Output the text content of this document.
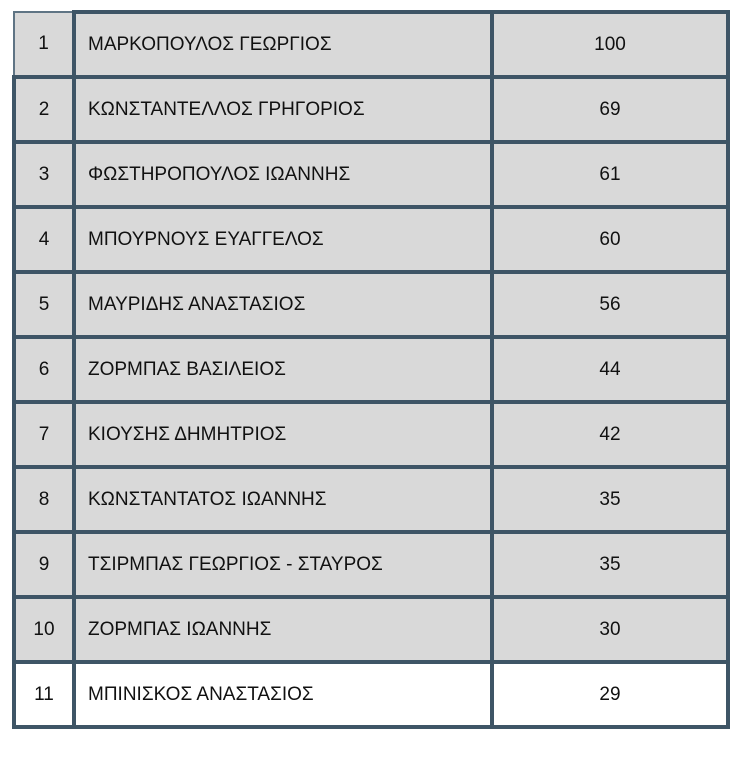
1	ΜΑΡΚΟΠΟΥΛΟΣ ΓΕΩΡΓΙΟΣ	100
2	ΚΩΝΣΤΑΝΤΕΛΛΟΣ ΓΡΗΓΟΡΙΟΣ	69
3	ΦΩΣΤΗΡΟΠΟΥΛΟΣ ΙΩΑΝΝΗΣ	61
4	ΜΠΟΥΡΝΟΥΣ ΕΥΑΓΓΕΛΟΣ	60
5	ΜΑΥΡΙΔΗΣ ΑΝΑΣΤΑΣΙΟΣ	56
6	ΖΟΡΜΠΑΣ ΒΑΣΙΛΕΙΟΣ	44
7	ΚΙΟΥΣΗΣ ΔΗΜΗΤΡΙΟΣ	42
8	ΚΩΝΣΤΑΝΤΑΤΟΣ ΙΩΑΝΝΗΣ	35
9	ΤΣΙΡΜΠΑΣ ΓΕΩΡΓΙΟΣ - ΣΤΑΥΡΟΣ	35
10	ΖΟΡΜΠΑΣ ΙΩΑΝΝΗΣ	30
11	ΜΠΙΝΙΣΚΟΣ ΑΝΑΣΤΑΣΙΟΣ	29
